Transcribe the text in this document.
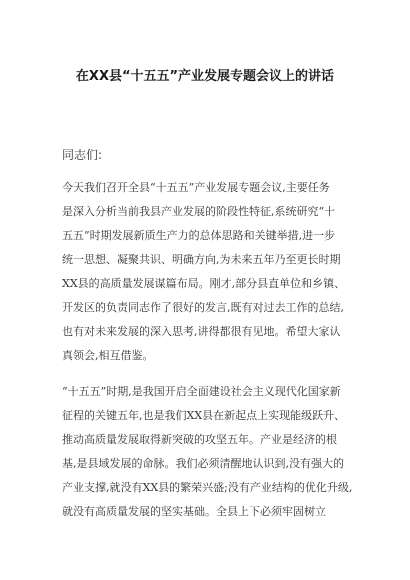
在XX县“十五五”产业发展专题会议上的讲话
同志们:
今天我们召开全县“十五五”产业发展专题会议,主要任务
是深入分析当前我县产业发展的阶段性特征,系统研究“十
五五”时期发展新质生产力的总体思路和关键举措,进一步
统一思想、凝聚共识、明确方向,为未来五年乃至更长时期
XX县的高质量发展谋篇布局。刚才,部分县直单位和乡镇、
开发区的负责同志作了很好的发言,既有对过去工作的总结,
也有对未来发展的深入思考,讲得都很有见地。希望大家认
真领会,相互借鉴。
“十五五”时期,是我国开启全面建设社会主义现代化国家新
征程的关键五年,也是我们XX县在新起点上实现能级跃升、
推动高质量发展取得新突破的攻坚五年。产业是经济的根
基,是县域发展的命脉。我们必须清醒地认识到,没有强大的
产业支撑,就没有XX县的繁荣兴盛;没有产业结构的优化升级,
就没有高质量发展的坚实基础。全县上下必须牢固树立
